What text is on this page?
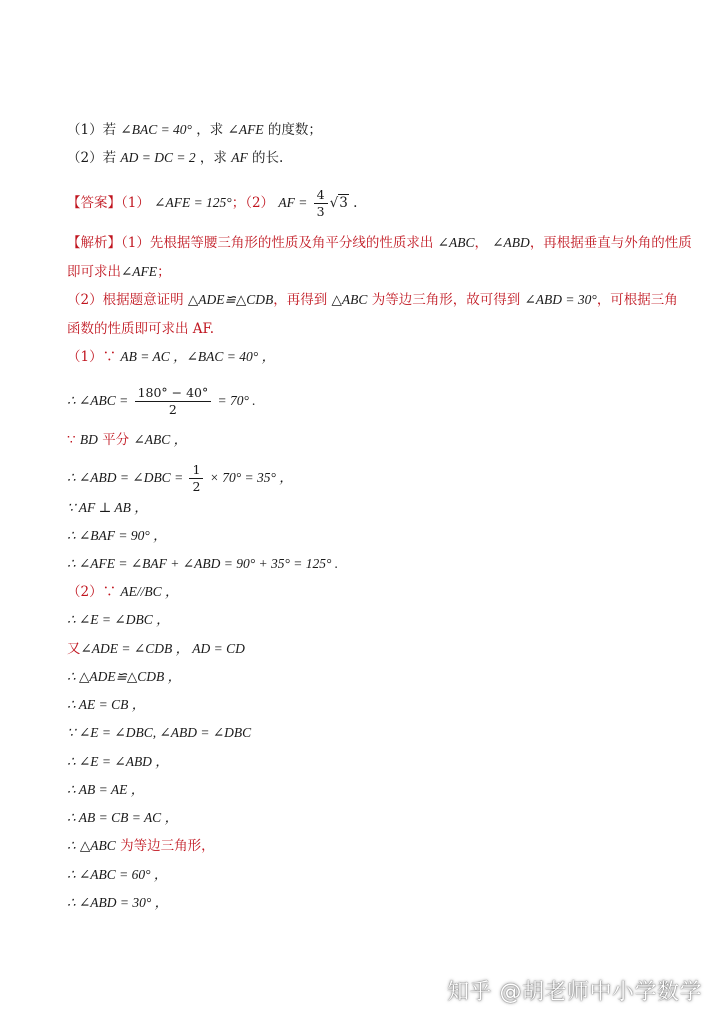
（1）若 ∠BAC = 40° ，求 ∠AFE 的度数；
（2）若 AD = DC = 2 ，求 AF 的长.
【答案】（1） ∠AFE = 125°；（2） AF = $\frac{4}{3} √3$ .
【解析】（1）先根据等腰三角形的性质及角平分线的性质求出 ∠ABC， ∠ABD，再根据垂直与外角的性质
即可求出∠AFE；
（2）根据题意证明 △ADE≌△CDB，再得到 △ABC 为等边三角形，故可得到 ∠ABD = 30°，可根据三角
函数的性质即可求出 AF.
（1）∵ AB = AC ，∠BAC = 40° ，
∴ ∠ABC = $\frac{180^\circ - 40^\circ}{2} = 70^\circ$ .
∵ BD 平分 ∠ABC ，
∴ ∠ABD = ∠DBC = $\frac{1}{2} \times 70^\circ = 35^\circ$ ，
∵ AF ⊥ AB ，
∴ ∠BAF = 90° ，
∴ ∠AFE = ∠BAF + ∠ABD = 90° + 35° = 125° .
（2）∵ AE//BC ，
∴ ∠E = ∠DBC ，
又∠ADE = ∠CDB ， AD = CD
∴ △ADE≌△CDB ，
∴ AE = CB ，
∵ ∠E = ∠DBC, ∠ABD = ∠DBC
∴ ∠E = ∠ABD ，
∴ AB = AE ，
∴ AB = CB = AC ，
∴ △ABC 为等边三角形，
∴ ∠ABC = 60° ，
∴ ∠ABD = 30° ，
知乎 @胡老师中小学数学
